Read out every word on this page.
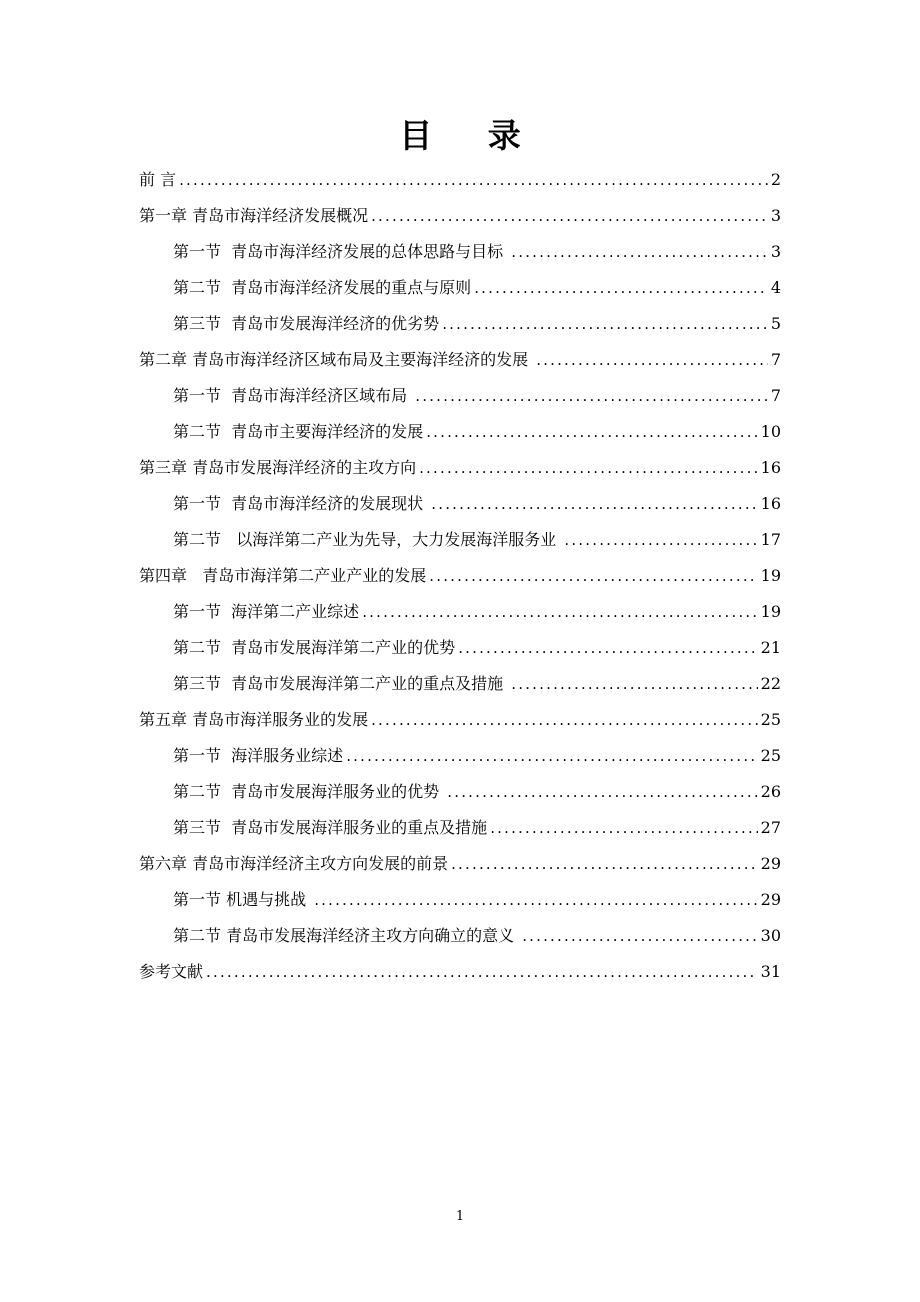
目 录
前 言 .....	2
第一章 青岛市海洋经济发展概况 .....	3
第一节  青岛市海洋经济发展的总体思路与目标 .....	3
第二节  青岛市海洋经济发展的重点与原则 .....	4
第三节  青岛市发展海洋经济的优劣势 .....	5
第二章 青岛市海洋经济区域布局及主要海洋经济的发展 .....	7
第一节  青岛市海洋经济区域布局 .....	7
第二节  青岛市主要海洋经济的发展 .....	10
第三章 青岛市发展海洋经济的主攻方向 .....	16
第一节  青岛市海洋经济的发展现状 .....	16
第二节   以海洋第二产业为先导，大力发展海洋服务业 .....	17
第四章   青岛市海洋第二产业产业的发展 .....	19
第一节  海洋第二产业综述 .....	19
第二节  青岛市发展海洋第二产业的优势 .....	21
第三节  青岛市发展海洋第二产业的重点及措施 .....	22
第五章 青岛市海洋服务业的发展 .....	25
第一节  海洋服务业综述 .....	25
第二节  青岛市发展海洋服务业的优势 .....	26
第三节  青岛市发展海洋服务业的重点及措施 .....	27
第六章 青岛市海洋经济主攻方向发展的前景 .....	29
第一节 机遇与挑战 .....	29
第二节 青岛市发展海洋经济主攻方向确立的意义 .....	30
参考文献 .....	31
1
